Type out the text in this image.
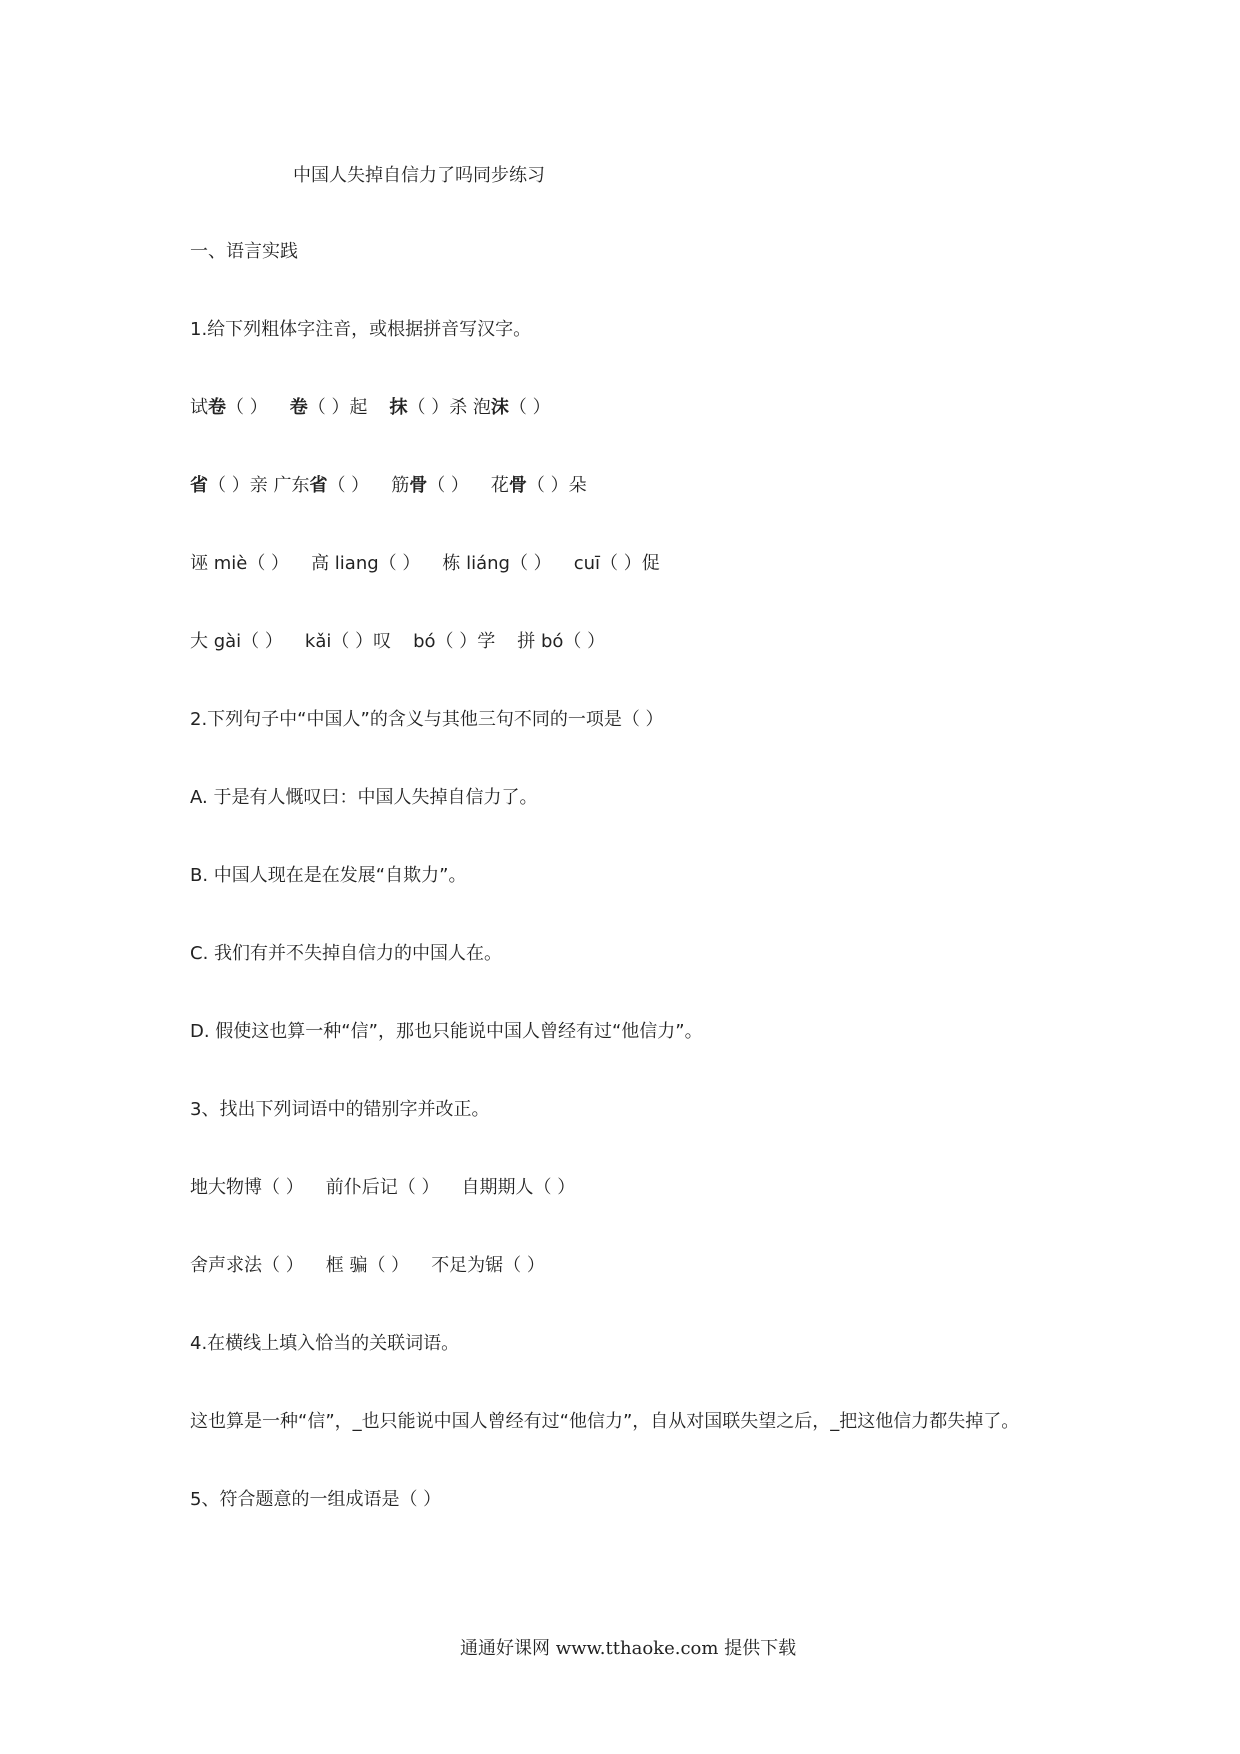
中国人失掉自信力了吗同步练习
一、语言实践
1.给下列粗体字注音，或根据拼音写汉字。
试卷（ ） 卷（ ）起 抹（ ）杀 泡沫（ ）
省（ ）亲 广东省（ ） 筋骨（ ） 花骨（ ）朵
诬 miè（ ） 高 liang（ ） 栋 liáng（ ） cuī（ ）促
大 gài（ ） kǎi（ ）叹 bó（ ）学 拼 bó（ ）
2.下列句子中“中国人”的含义与其他三句不同的一项是（ ）
A. 于是有人慨叹曰：中国人失掉自信力了。
B. 中国人现在是在发展“自欺力”。
C. 我们有并不失掉自信力的中国人在。
D. 假使这也算一种“信”，那也只能说中国人曾经有过“他信力”。
3、找出下列词语中的错别字并改正。
地大物博（ ） 前仆后记（ ） 自期期人（ ）
舍声求法（ ） 框 骗（ ） 不足为锯（ ）
4.在横线上填入恰当的关联词语。
这也算是一种“信”，_也只能说中国人曾经有过“他信力”，自从对国联失望之后，_把这他信力都失掉了。
5、符合题意的一组成语是（ ）
通通好课网 www.tthaoke.com 提供下载
